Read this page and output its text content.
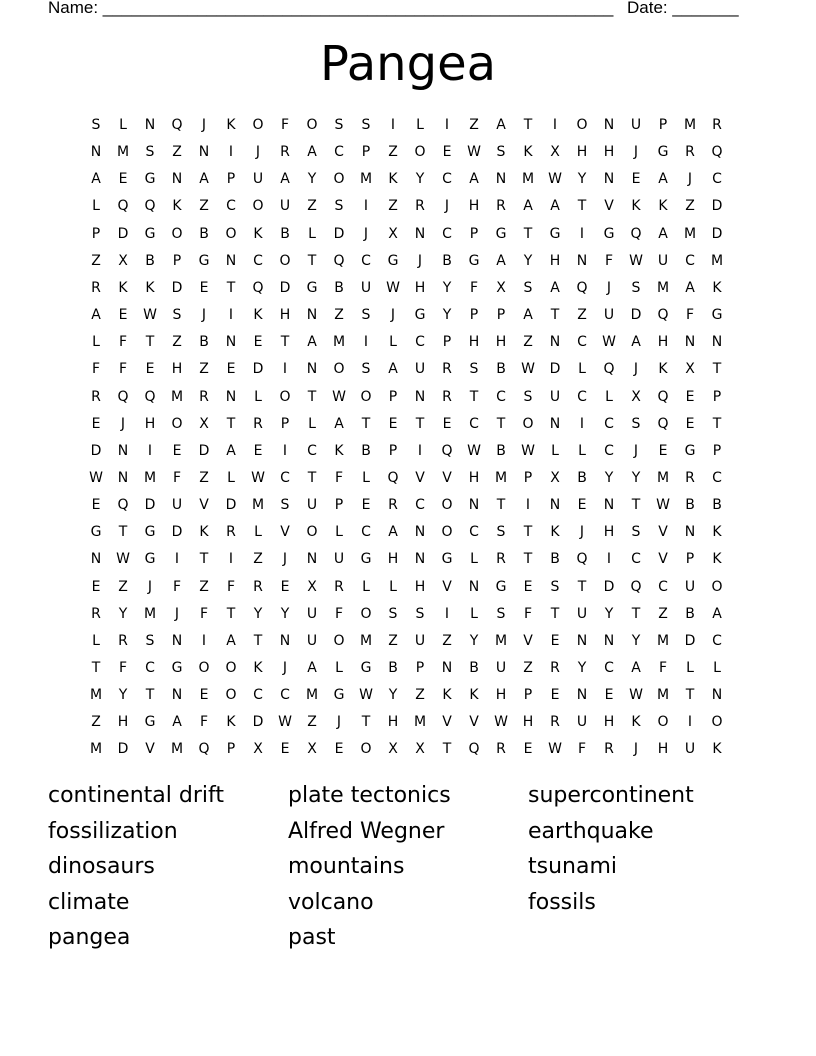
Name: ______________________________________________________ Date: _______
Pangea
S	L	N	Q	J	K	O	F	O	S	S	I	L	I	Z	A	T	I	O	N	U	P	M	R
N	M	S	Z	N	I	J	R	A	C	P	Z	O	E	W	S	K	X	H	H	J	G	R	Q
A	E	G	N	A	P	U	A	Y	O	M	K	Y	C	A	N	M	W	Y	N	E	A	J	C
L	Q	Q	K	Z	C	O	U	Z	S	I	Z	R	J	H	R	A	A	T	V	K	K	Z	D
P	D	G	O	B	O	K	B	L	D	J	X	N	C	P	G	T	G	I	G	Q	A	M	D
Z	X	B	P	G	N	C	O	T	Q	C	G	J	B	G	A	Y	H	N	F	W	U	C	M
R	K	K	D	E	T	Q	D	G	B	U	W	H	Y	F	X	S	A	Q	J	S	M	A	K
A	E	W	S	J	I	K	H	N	Z	S	J	G	Y	P	P	A	T	Z	U	D	Q	F	G
L	F	T	Z	B	N	E	T	A	M	I	L	C	P	H	H	Z	N	C	W	A	H	N	N
F	F	E	H	Z	E	D	I	N	O	S	A	U	R	S	B	W	D	L	Q	J	K	X	T
R	Q	Q	M	R	N	L	O	T	W	O	P	N	R	T	C	S	U	C	L	X	Q	E	P
E	J	H	O	X	T	R	P	L	A	T	E	T	E	C	T	O	N	I	C	S	Q	E	T
D	N	I	E	D	A	E	I	C	K	B	P	I	Q	W	B	W	L	L	C	J	E	G	P
W	N	M	F	Z	L	W	C	T	F	L	Q	V	V	H	M	P	X	B	Y	Y	M	R	C
E	Q	D	U	V	D	M	S	U	P	E	R	C	O	N	T	I	N	E	N	T	W	B	B
G	T	G	D	K	R	L	V	O	L	C	A	N	O	C	S	T	K	J	H	S	V	N	K
N	W	G	I	T	I	Z	J	N	U	G	H	N	G	L	R	T	B	Q	I	C	V	P	K
E	Z	J	F	Z	F	R	E	X	R	L	L	H	V	N	G	E	S	T	D	Q	C	U	O
R	Y	M	J	F	T	Y	Y	U	F	O	S	S	I	L	S	F	T	U	Y	T	Z	B	A
L	R	S	N	I	A	T	N	U	O	M	Z	U	Z	Y	M	V	E	N	N	Y	M	D	C
T	F	C	G	O	O	K	J	A	L	G	B	P	N	B	U	Z	R	Y	C	A	F	L	L
M	Y	T	N	E	O	C	C	M	G	W	Y	Z	K	K	H	P	E	N	E	W	M	T	N
Z	H	G	A	F	K	D	W	Z	J	T	H	M	V	V	W	H	R	U	H	K	O	I	O
M	D	V	M	Q	P	X	E	X	E	O	X	X	T	Q	R	E	W	F	R	J	H	U	K
continental drift
fossilization
dinosaurs
climate
pangea
plate tectonics
Alfred Wegner
mountains
volcano
past
supercontinent
earthquake
tsunami
fossils
